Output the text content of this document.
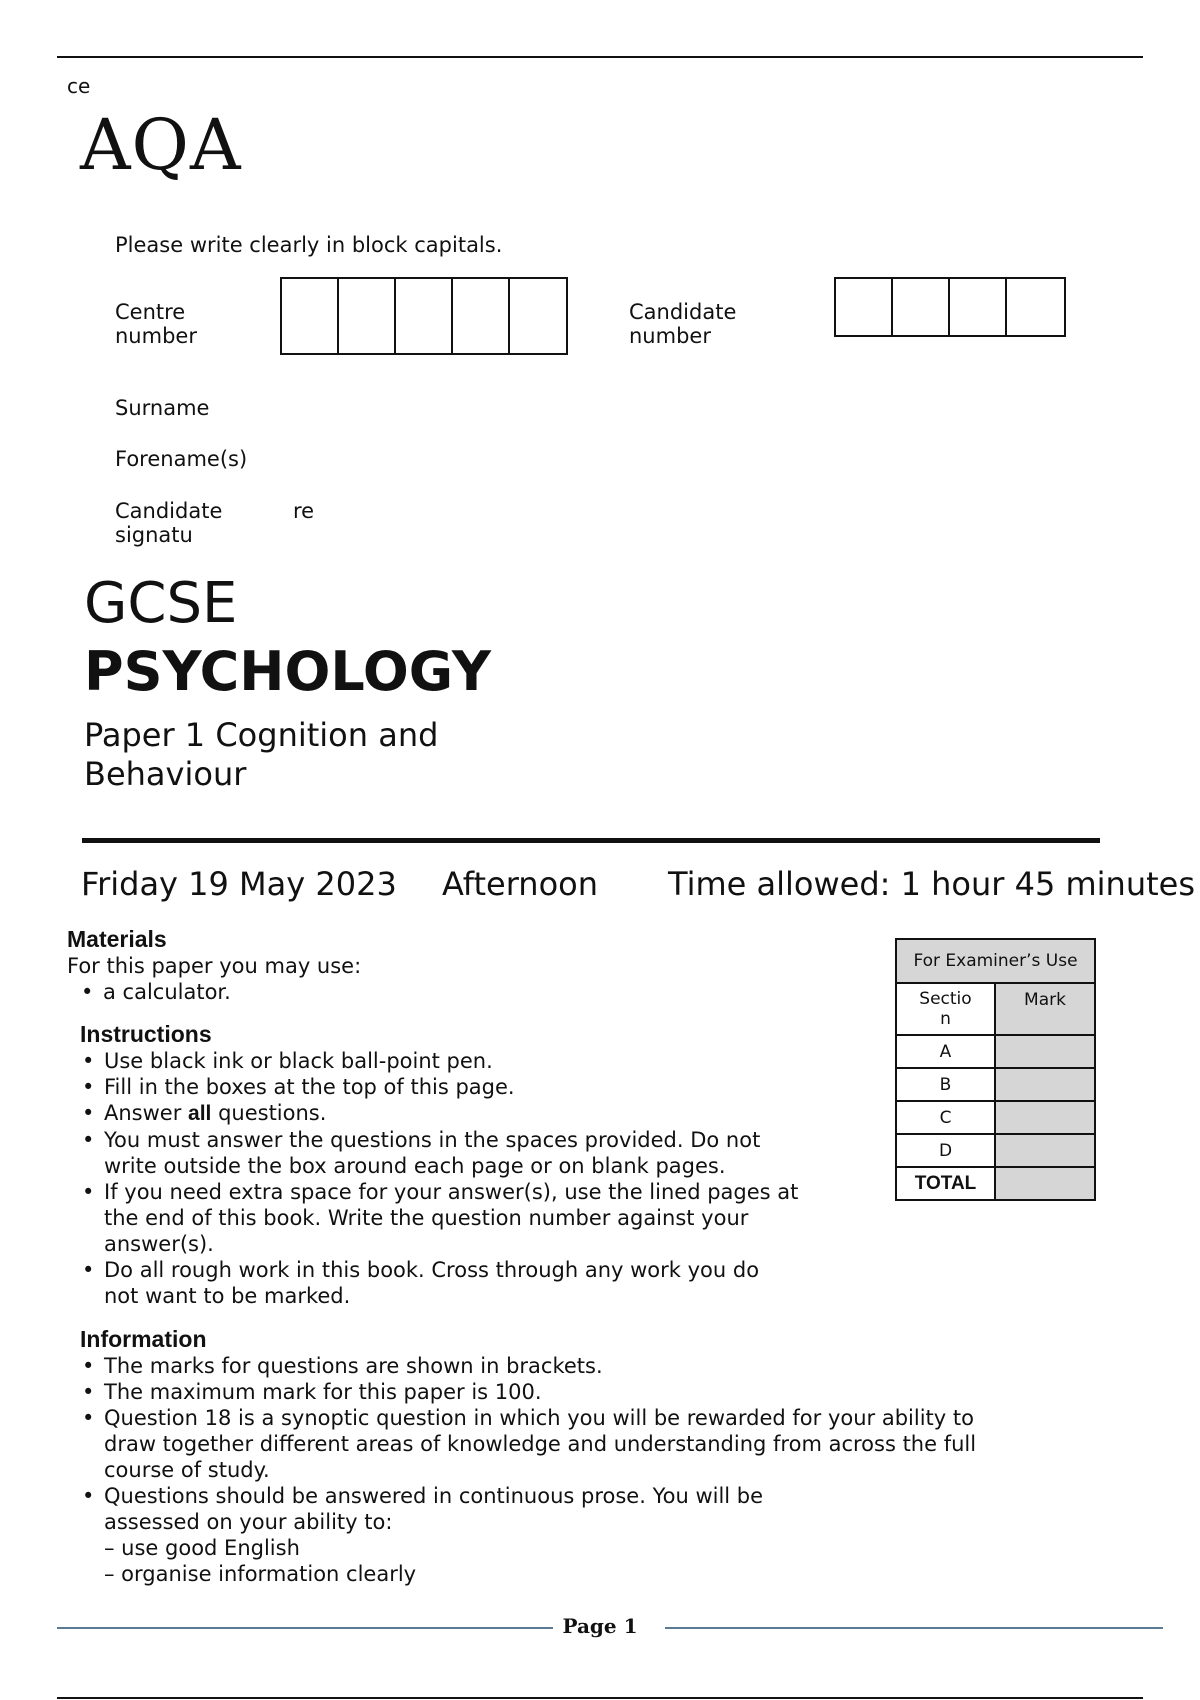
ce
AQA
Please write clearly in block capitals.
Centre
number
Candidate
number
Surname
Forename(s)
Candidate
signatu
re
GCSE
PSYCHOLOGY
Paper 1 Cognition and
Behaviour
Friday 19 May 2023 Afternoon Time allowed: 1 hour 45 minutes
Materials
For this paper you may use:
• a calculator.
Instructions
• Use black ink or black ball-point pen.
• Fill in the boxes at the top of this page.
• Answer all questions.
• You must answer the questions in the spaces provided. Do not
write outside the box around each page or on blank pages.
• If you need extra space for your answer(s), use the lined pages at
the end of this book. Write the question number against your
answer(s).
• Do all rough work in this book. Cross through any work you do
not want to be marked.
Information
• The marks for questions are shown in brackets.
• The maximum mark for this paper is 100.
• Question 18 is a synoptic question in which you will be rewarded for your ability to
draw together different areas of knowledge and understanding from across the full
course of study.
• Questions should be answered in continuous prose. You will be
assessed on your ability to:
– use good English
– organise information clearly
For Examiner’s Use	

Sectio
n	Mark
A	
B	
C	
D	
TOTAL	
Page 1
